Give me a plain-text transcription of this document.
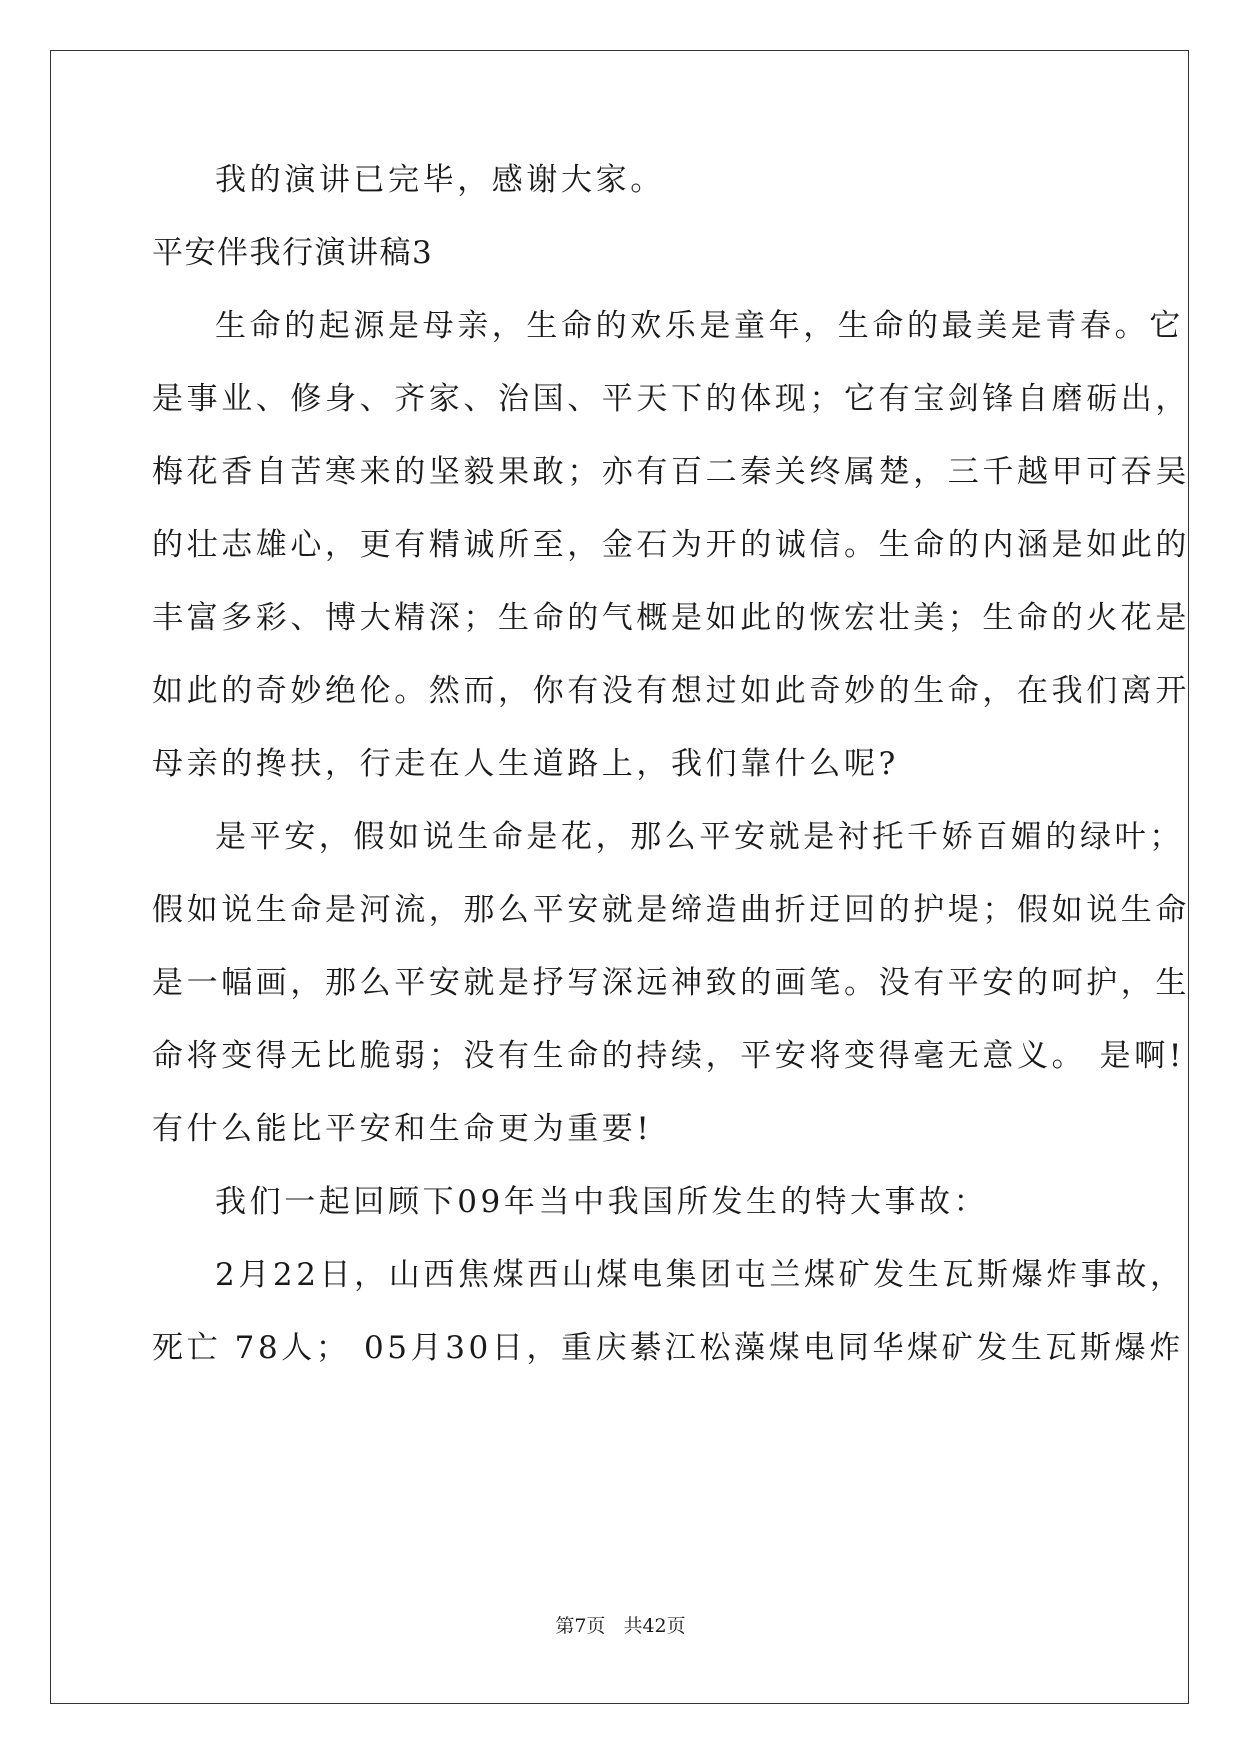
我的演讲已完毕，感谢大家。
平安伴我行演讲稿3
生命的起源是母亲，生命的欢乐是童年，生命的最美是青春。它
是事业、修身、齐家、治国、平天下的体现；它有宝剑锋自磨砺出，
梅花香自苦寒来的坚毅果敢；亦有百二秦关终属楚，三千越甲可吞吴
的壮志雄心，更有精诚所至，金石为开的诚信。生命的内涵是如此的
丰富多彩、博大精深；生命的气概是如此的恢宏壮美；生命的火花是
如此的奇妙绝伦。然而，你有没有想过如此奇妙的生命，在我们离开
母亲的搀扶，行走在人生道路上，我们靠什么呢?
是平安，假如说生命是花，那么平安就是衬托千娇百媚的绿叶；
假如说生命是河流，那么平安就是缔造曲折迂回的护堤；假如说生命
是一幅画，那么平安就是抒写深远神致的画笔。没有平安的呵护，生
命将变得无比脆弱；没有生命的持续，平安将变得毫无意义。 是啊!
有什么能比平安和生命更为重要!
我们一起回顾下09年当中我国所发生的特大事故：
2月22日，山西焦煤西山煤电集团屯兰煤矿发生瓦斯爆炸事故，
死亡 78人； 05月30日，重庆綦江松藻煤电同华煤矿发生瓦斯爆炸
第7页 共42页
